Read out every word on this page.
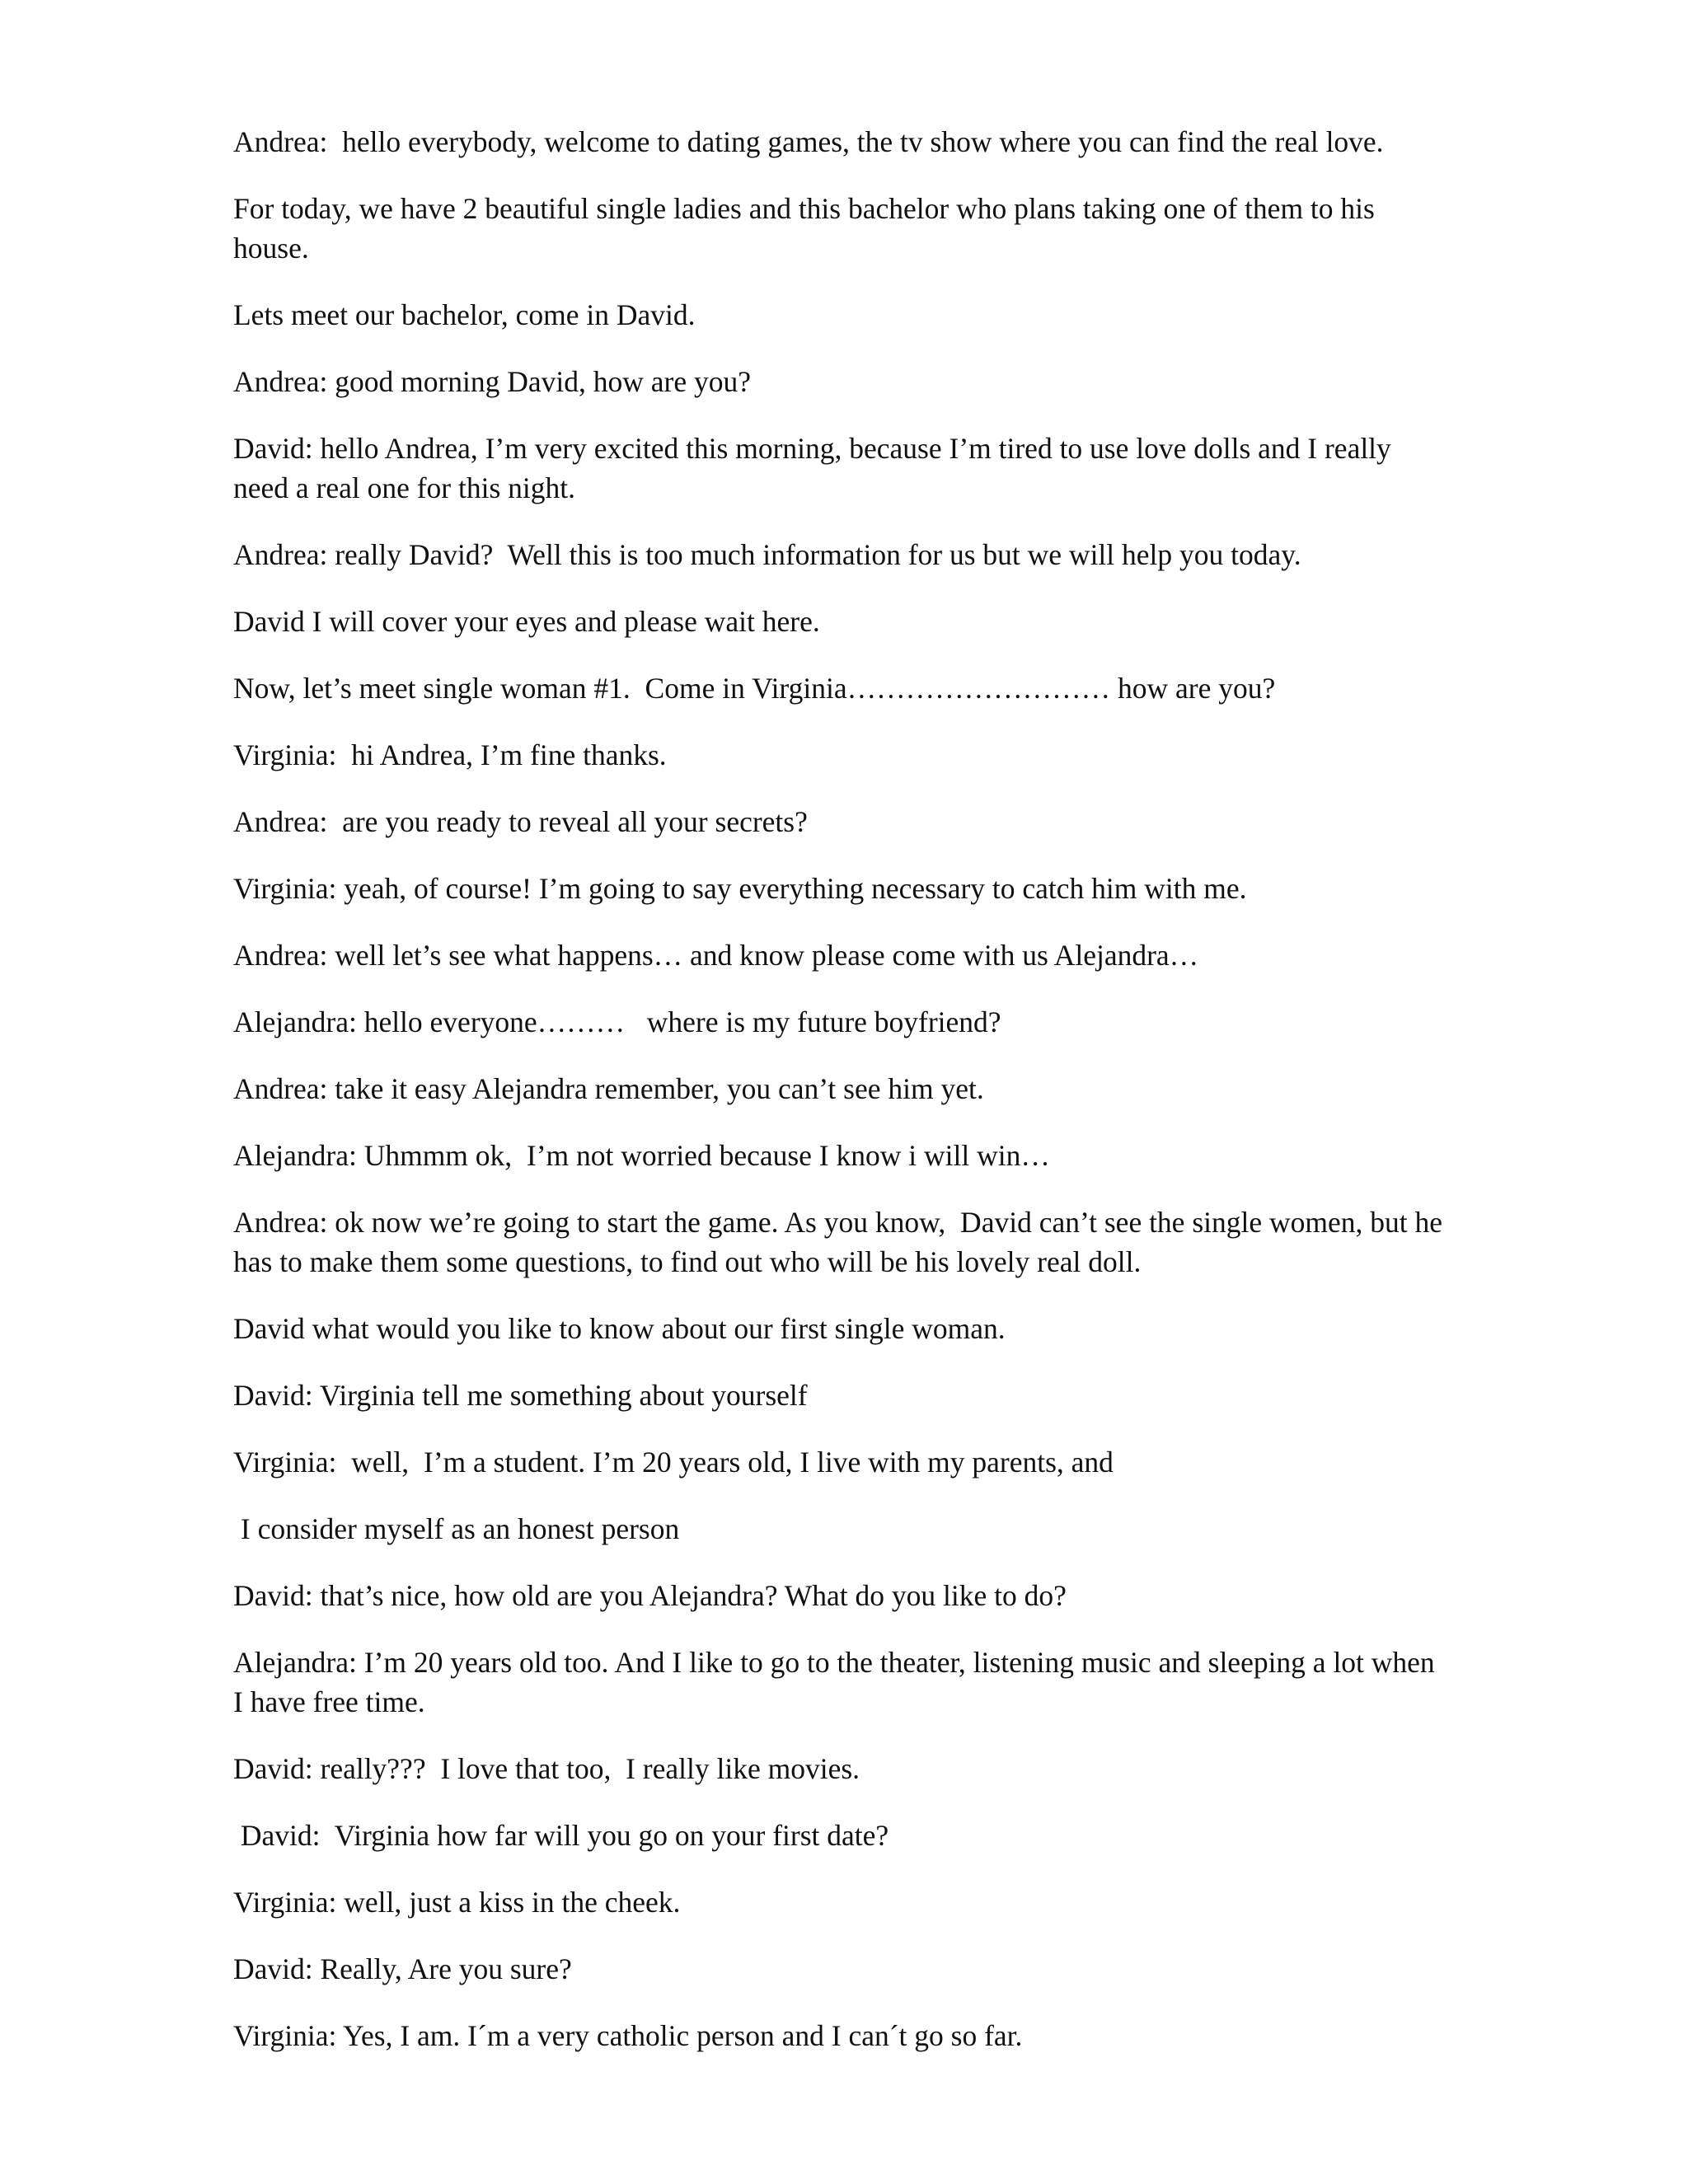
Andrea:  hello everybody, welcome to dating games, the tv show where you can find the real love.

For today, we have 2 beautiful single ladies and this bachelor who plans taking one of them to his house.

Lets meet our bachelor, come in David.

Andrea: good morning David, how are you?

David: hello Andrea, I’m very excited this morning, because I’m tired to use love dolls and I really need a real one for this night.

Andrea: really David?  Well this is too much information for us but we will help you today.

David I will cover your eyes and please wait here.

Now, let’s meet single woman #1.  Come in Virginia……………………… how are you?

Virginia:  hi Andrea, I’m fine thanks.

Andrea:  are you ready to reveal all your secrets?

Virginia: yeah, of course! I’m going to say everything necessary to catch him with me.

Andrea: well let’s see what happens… and know please come with us Alejandra…

Alejandra: hello everyone………   where is my future boyfriend?

Andrea: take it easy Alejandra remember, you can’t see him yet.

Alejandra: Uhmmm ok,  I’m not worried because I know i will win…

Andrea: ok now we’re going to start the game. As you know,  David can’t see the single women, but he has to make them some questions, to find out who will be his lovely real doll.

David what would you like to know about our first single woman.

David: Virginia tell me something about yourself

Virginia:  well,  I’m a student. I’m 20 years old, I live with my parents, and

I consider myself as an honest person

David: that’s nice, how old are you Alejandra? What do you like to do?

Alejandra: I’m 20 years old too. And I like to go to the theater, listening music and sleeping a lot when I have free time.

David: really???  I love that too,  I really like movies.

David:  Virginia how far will you go on your first date?

Virginia: well, just a kiss in the cheek.

David: Really, Are you sure?

Virginia: Yes, I am. I´m a very catholic person and I can´t go so far.
